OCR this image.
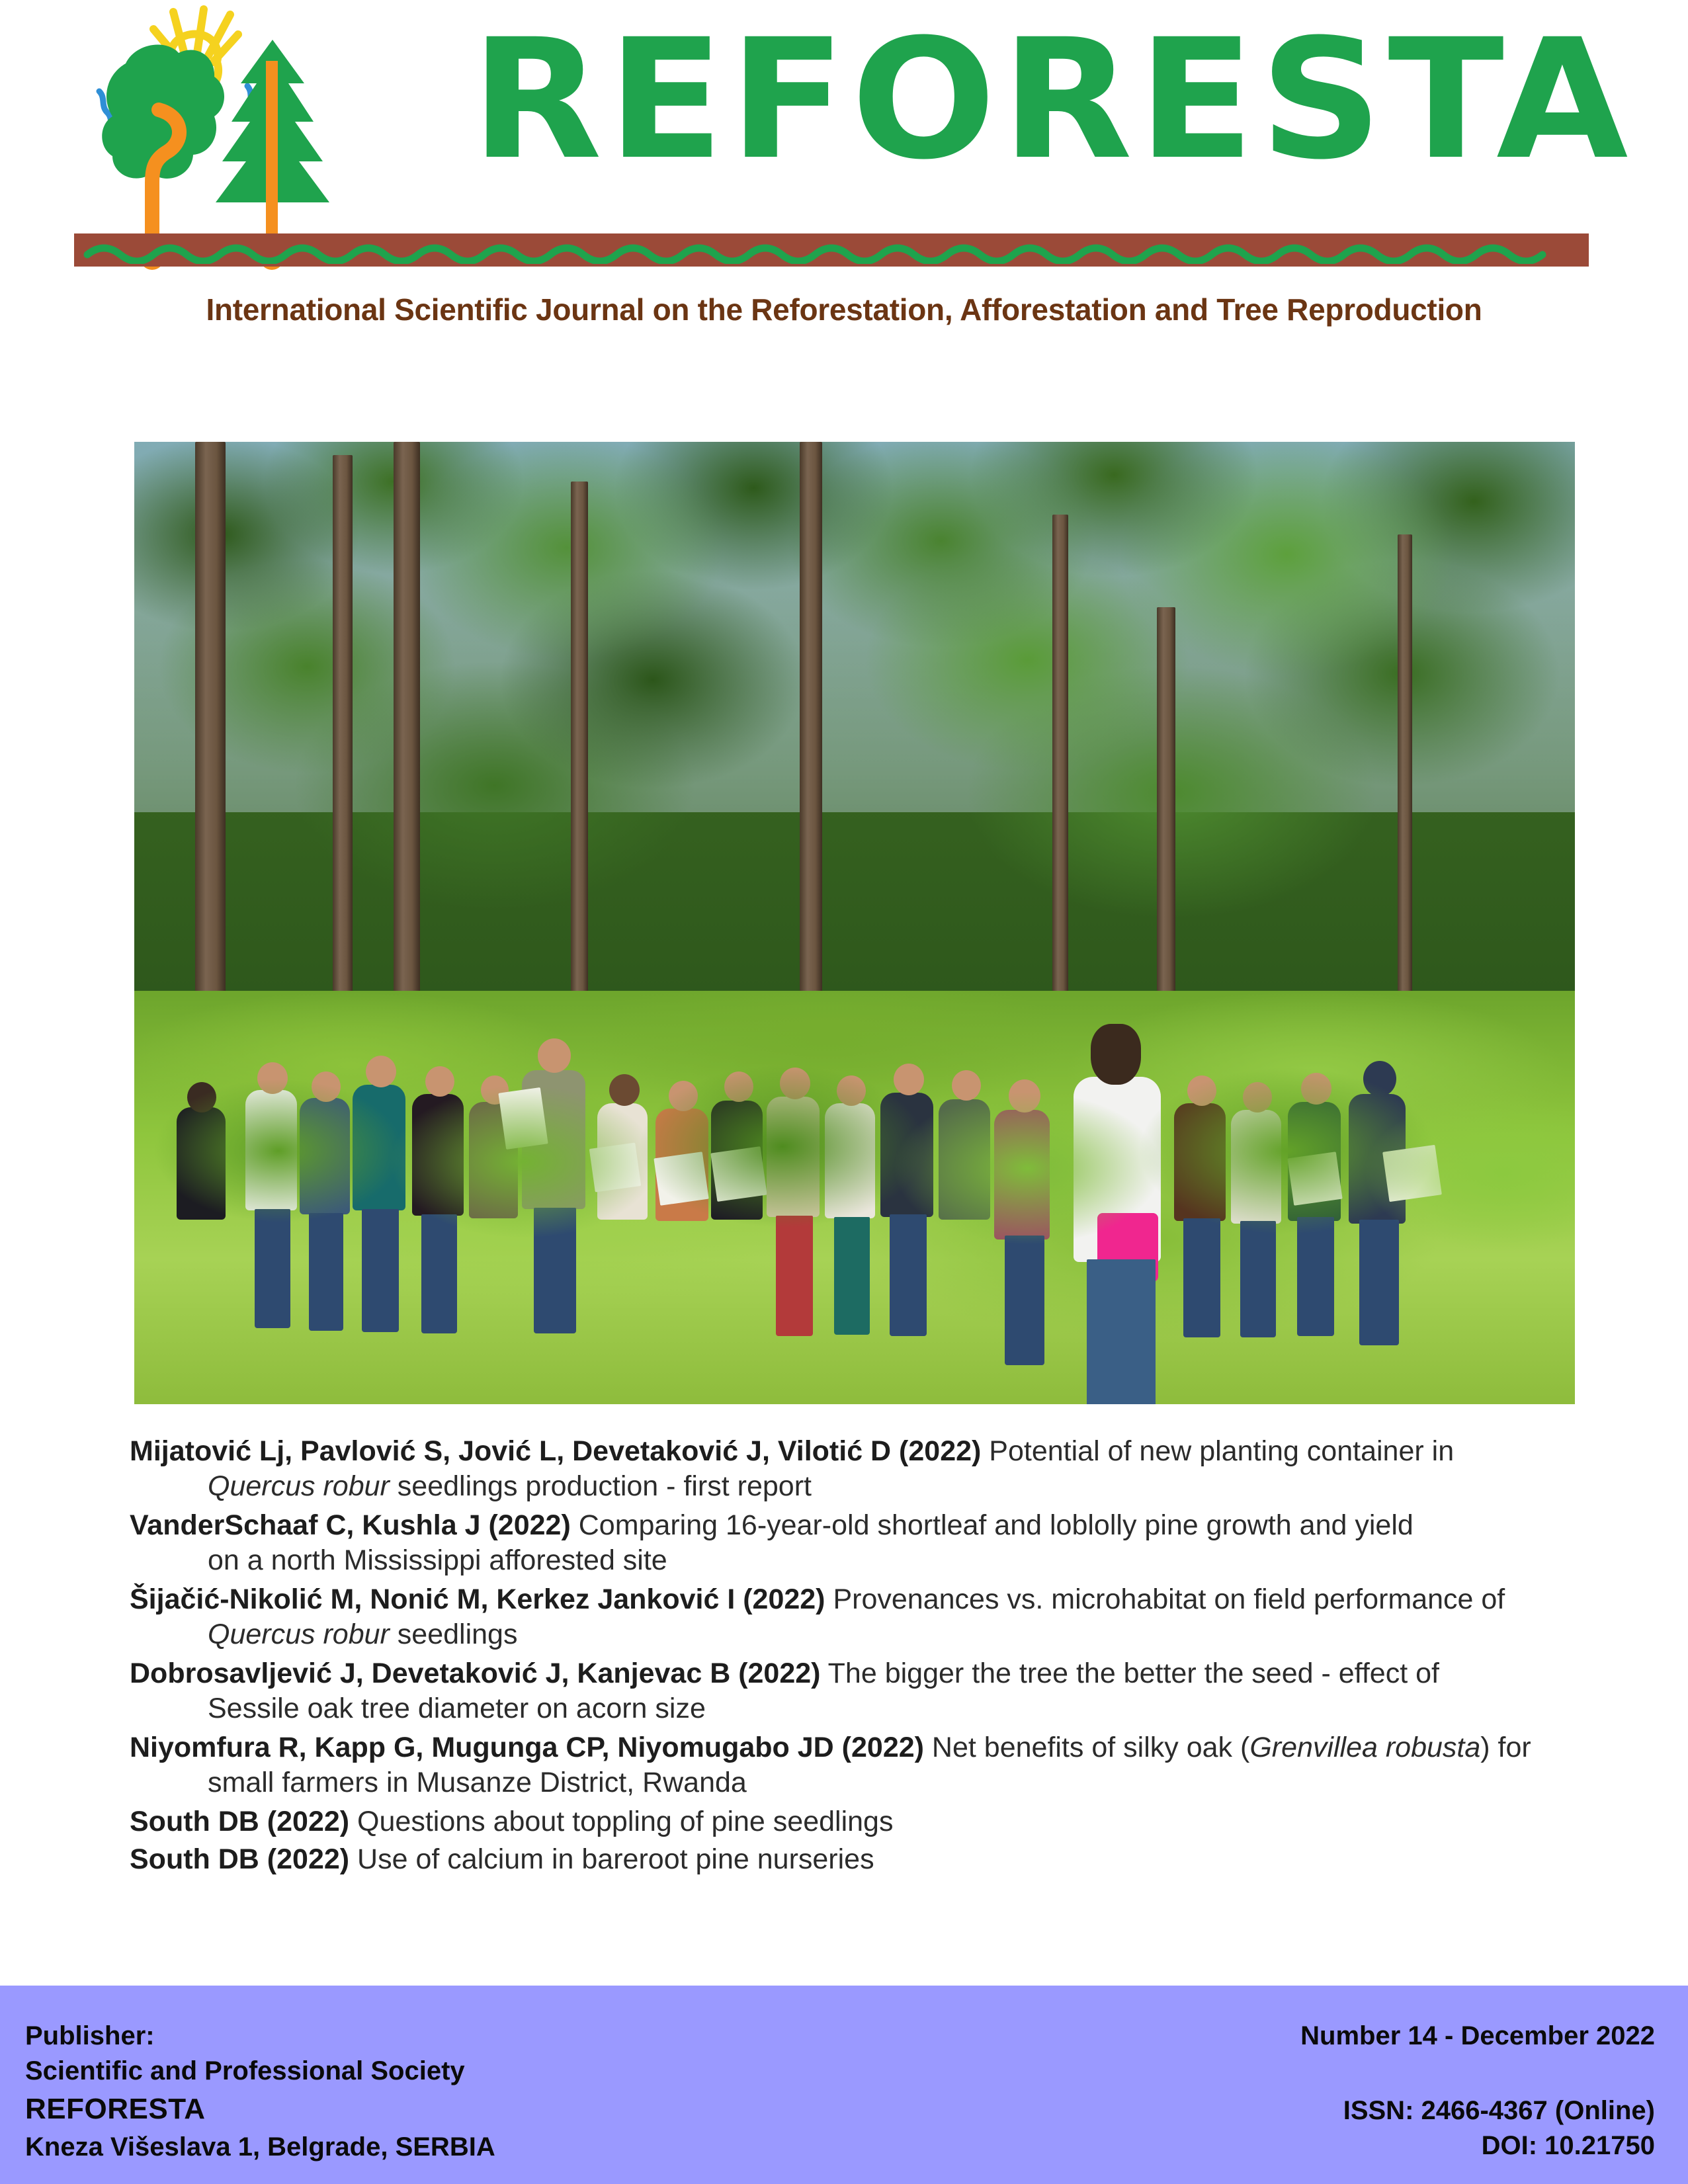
REFORESTA
International Scientific Journal on the Reforestation, Afforestation and Tree Reproduction

Mijatović Lj, Pavlović S, Jović L, Devetaković J, Vilotić D (2022) Potential of new planting container in
Quercus robur seedlings production - first report

VanderSchaaf C, Kushla J (2022) Comparing 16-year-old shortleaf and loblolly pine growth and yield
on a north Mississippi afforested site

Šijačić-Nikolić M, Nonić M, Kerkez Janković I (2022) Provenances vs. microhabitat on field performance of
Quercus robur seedlings

Dobrosavljević J, Devetaković J, Kanjevac B (2022) The bigger the tree the better the seed - effect of
Sessile oak tree diameter on acorn size

Niyomfura R, Kapp G, Mugunga CP, Niyomugabo JD (2022) Net benefits of silky oak (Grenvillea robusta) for
small farmers in Musanze District, Rwanda

South DB (2022) Questions about toppling of pine seedlings

South DB (2022) Use of calcium in bareroot pine nurseries

Publisher:
Scientific and Professional Society
REFORESTA
Kneza Višeslava 1, Belgrade, SERBIA
Number 14 - December 2022
ISSN: 2466-4367 (Online)
DOI: 10.21750
